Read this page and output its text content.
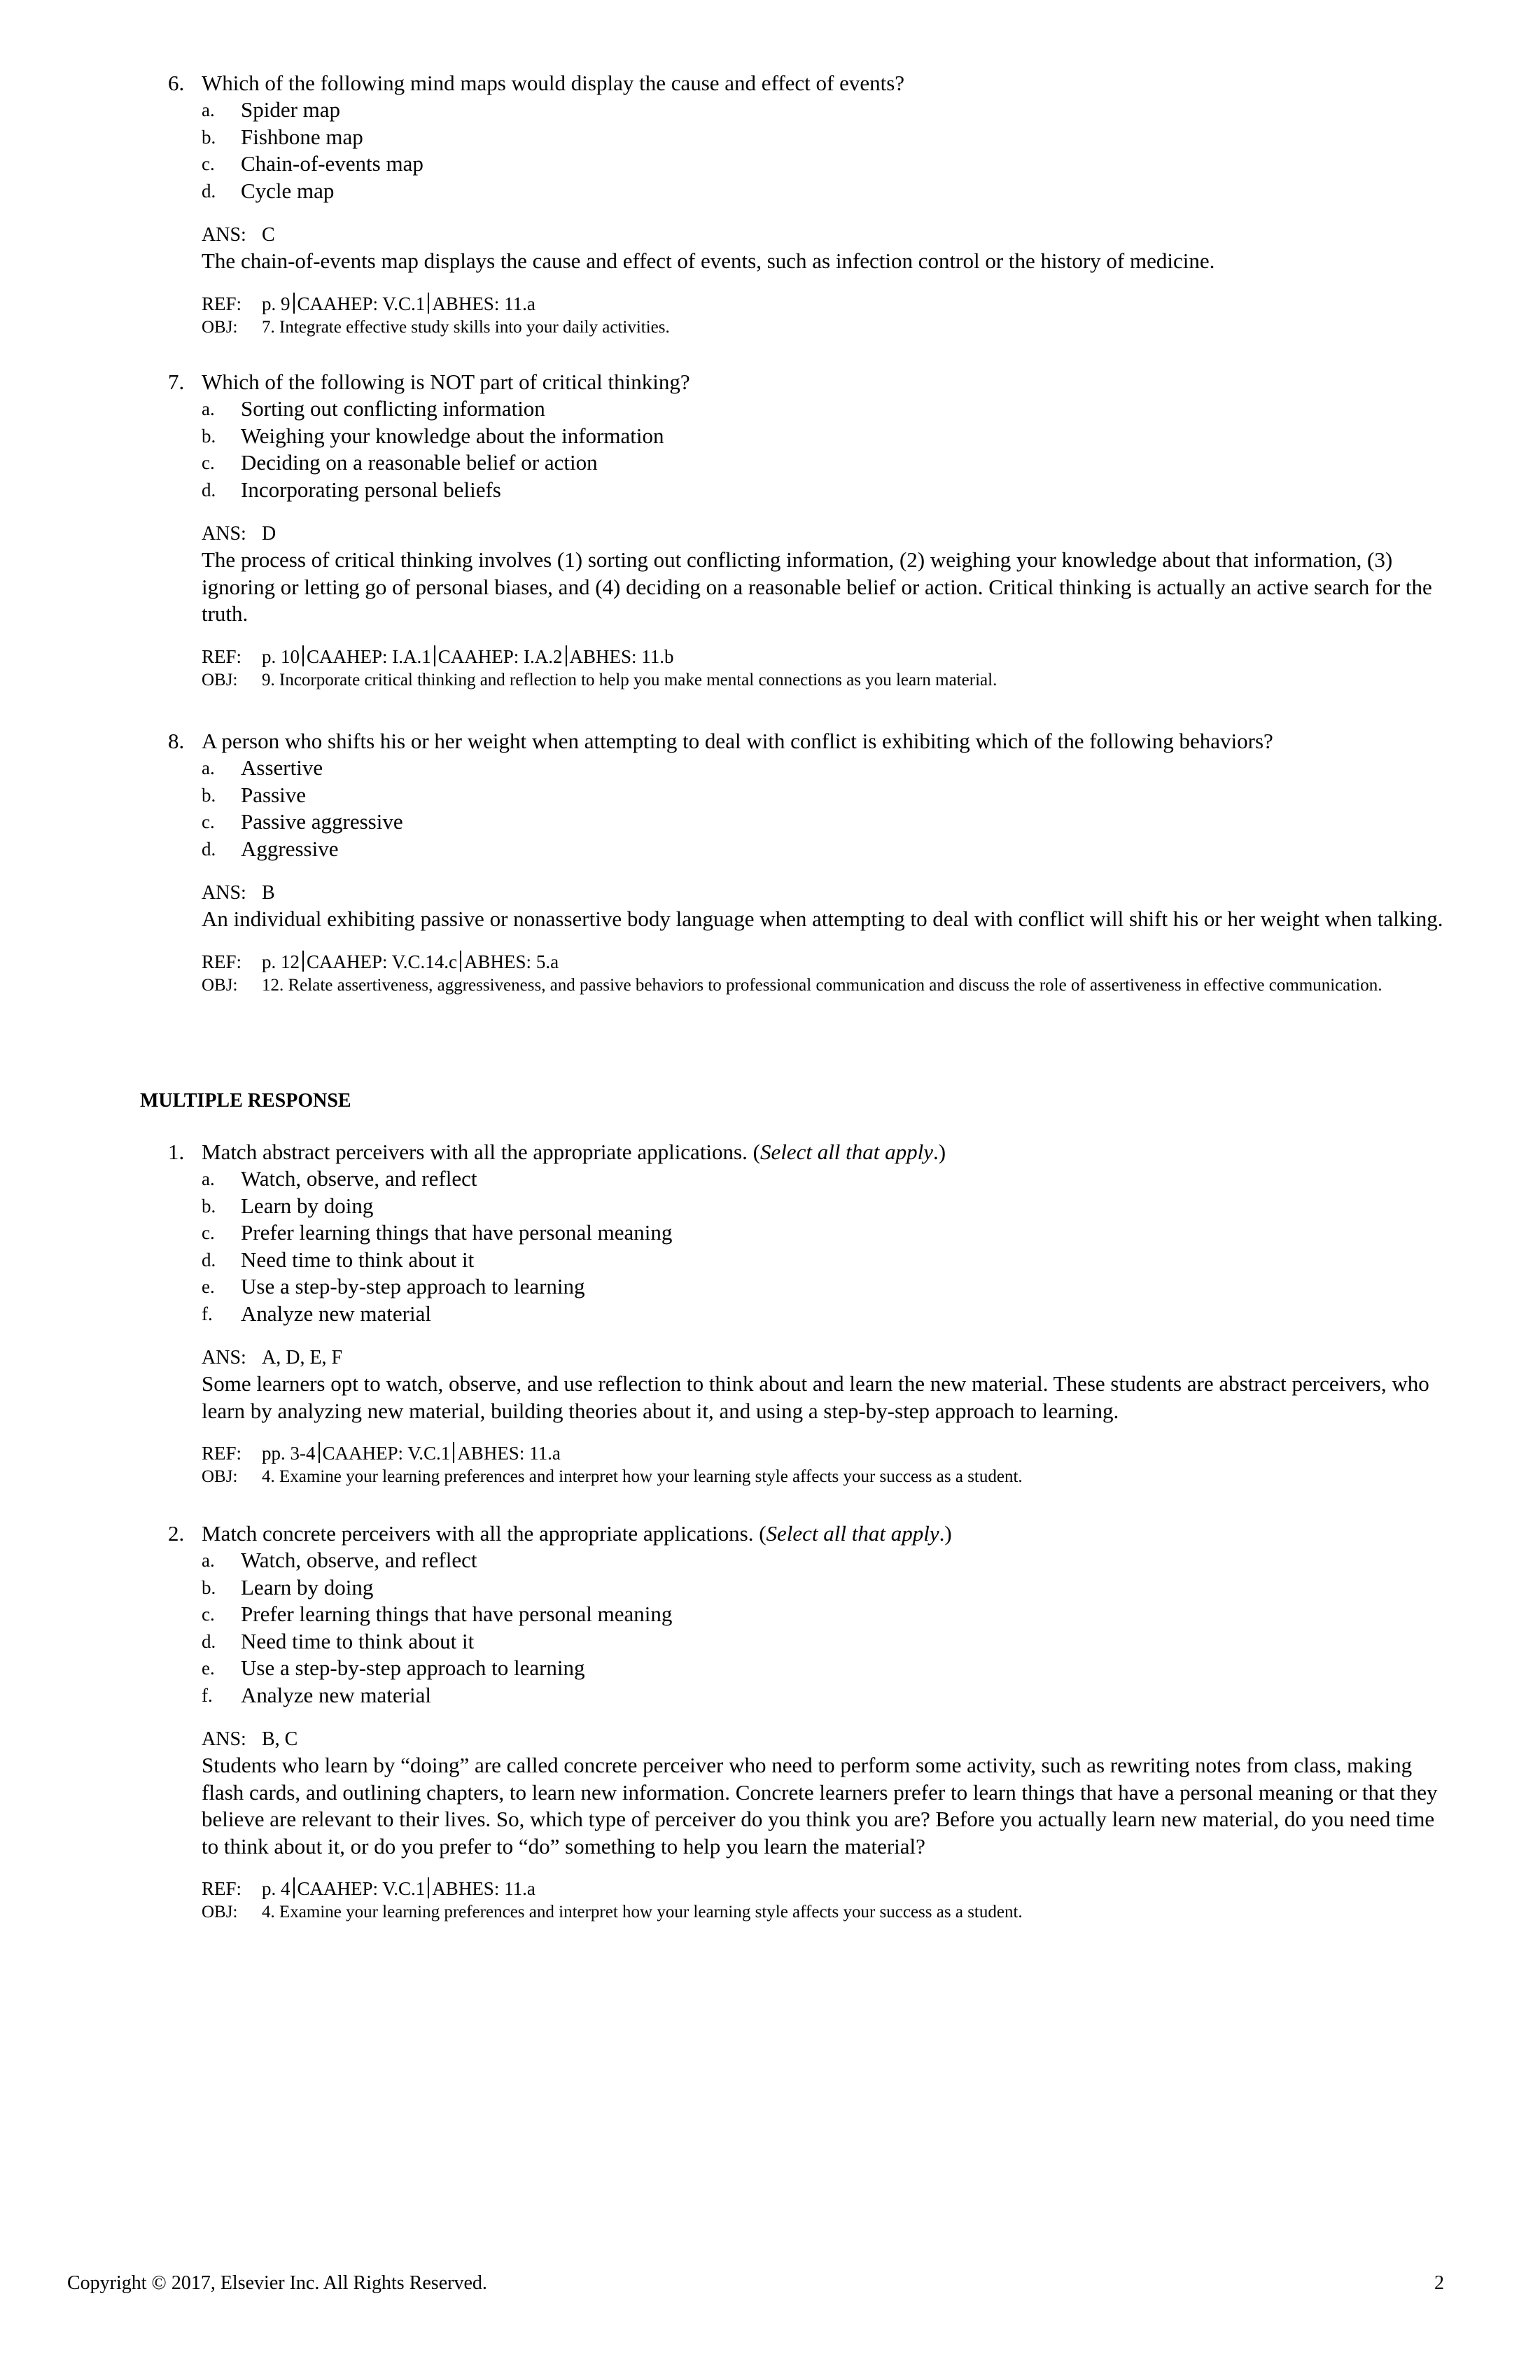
6. Which of the following mind maps would display the cause and effect of events?
a. Spider map
b. Fishbone map
c. Chain-of-events map
d. Cycle map
ANS: C
The chain-of-events map displays the cause and effect of events, such as infection control or the history of medicine.
REF: p. 9 CAAHEP: V.C.1 ABHES: 11.a
OBJ: 7. Integrate effective study skills into your daily activities.
7. Which of the following is NOT part of critical thinking?
a. Sorting out conflicting information
b. Weighing your knowledge about the information
c. Deciding on a reasonable belief or action
d. Incorporating personal beliefs
ANS: D
The process of critical thinking involves (1) sorting out conflicting information, (2) weighing your knowledge about that information, (3) ignoring or letting go of personal biases, and (4) deciding on a reasonable belief or action. Critical thinking is actually an active search for the truth.
REF: p. 10 CAAHEP: I.A.1 CAAHEP: I.A.2 ABHES: 11.b
OBJ: 9. Incorporate critical thinking and reflection to help you make mental connections as you learn material.
8. A person who shifts his or her weight when attempting to deal with conflict is exhibiting which of the following behaviors?
a. Assertive
b. Passive
c. Passive aggressive
d. Aggressive
ANS: B
An individual exhibiting passive or nonassertive body language when attempting to deal with conflict will shift his or her weight when talking.
REF: p. 12 CAAHEP: V.C.14.c ABHES: 5.a
OBJ: 12. Relate assertiveness, aggressiveness, and passive behaviors to professional communication and discuss the role of assertiveness in effective communication.
MULTIPLE RESPONSE
1. Match abstract perceivers with all the appropriate applications. (Select all that apply.)
a. Watch, observe, and reflect
b. Learn by doing
c. Prefer learning things that have personal meaning
d. Need time to think about it
e. Use a step-by-step approach to learning
f. Analyze new material
ANS: A, D, E, F
Some learners opt to watch, observe, and use reflection to think about and learn the new material. These students are abstract perceivers, who learn by analyzing new material, building theories about it, and using a step-by-step approach to learning.
REF: pp. 3-4 CAAHEP: V.C.1 ABHES: 11.a
OBJ: 4. Examine your learning preferences and interpret how your learning style affects your success as a student.
2. Match concrete perceivers with all the appropriate applications. (Select all that apply.)
a. Watch, observe, and reflect
b. Learn by doing
c. Prefer learning things that have personal meaning
d. Need time to think about it
e. Use a step-by-step approach to learning
f. Analyze new material
ANS: B, C
Students who learn by “doing” are called concrete perceiver who need to perform some activity, such as rewriting notes from class, making flash cards, and outlining chapters, to learn new information. Concrete learners prefer to learn things that have a personal meaning or that they believe are relevant to their lives. So, which type of perceiver do you think you are? Before you actually learn new material, do you need time to think about it, or do you prefer to “do” something to help you learn the material?
REF: p. 4 CAAHEP: V.C.1 ABHES: 11.a
OBJ: 4. Examine your learning preferences and interpret how your learning style affects your success as a student.
Copyright © 2017, Elsevier Inc. All Rights Reserved.	2
